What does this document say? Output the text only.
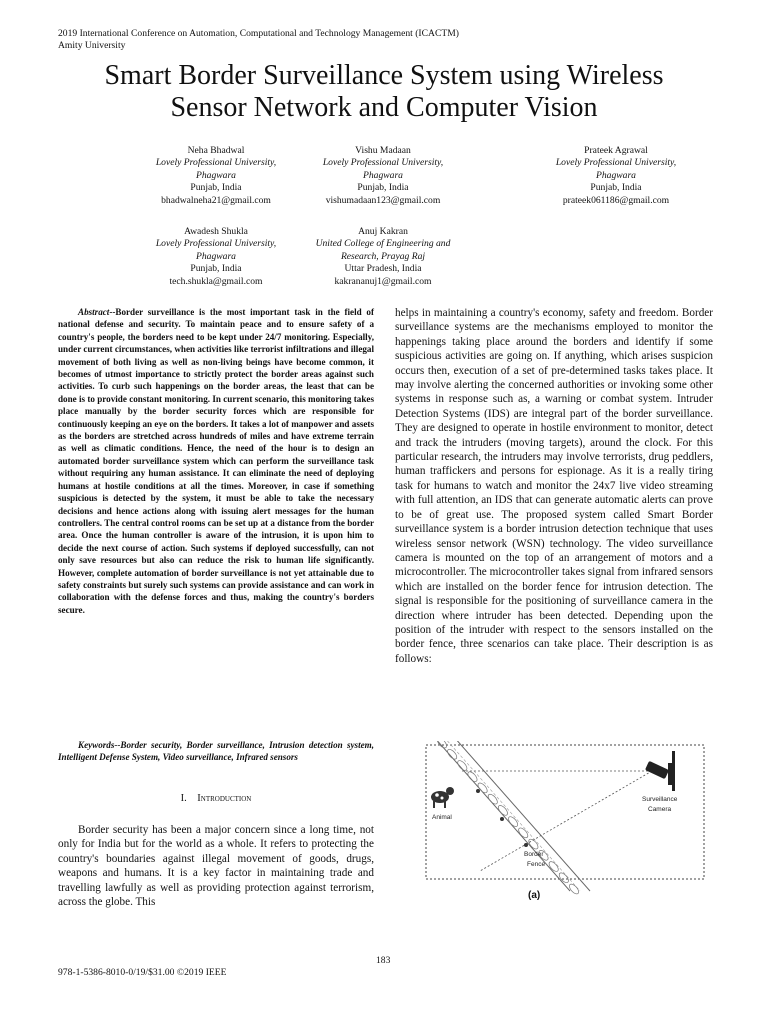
2019 International Conference on Automation, Computational and Technology Management (ICACTM)
Amity University
Smart Border Surveillance System using Wireless
Sensor Network and Computer Vision
Neha Bhadwal
Lovely Professional University,
Phagwara
Punjab, India
bhadwalneha21@gmail.com
Vishu Madaan
Lovely Professional University,
Phagwara
Punjab, India
vishumadaan123@gmail.com
Prateek Agrawal
Lovely Professional University,
Phagwara
Punjab, India
prateek061186@gmail.com
Awadesh Shukla
Lovely Professional University,
Phagwara
Punjab, India
tech.shukla@gmail.com
Anuj Kakran
United College of Engineering and
Research, Prayag Raj
Uttar Pradesh, India
kakrananuj1@gmail.com

Abstract--Border surveillance is the most important task in the field of national defense and security. To maintain peace and to ensure safety of a country's people, the borders need to be kept under 24/7 monitoring. Especially, under current circumstances, when activities like terrorist infiltrations and illegal movement of both living as well as non-living beings have become common, it becomes of utmost importance to strictly protect the border areas against such activities. To curb such happenings on the border areas, the least that can be done is to provide constant monitoring. In current scenario, this monitoring takes place manually by the border security forces which are responsible for continuously keeping an eye on the borders. It takes a lot of manpower and assets as the borders are stretched across hundreds of miles and have extreme terrain as well as climatic conditions. Hence, the need of the hour is to design an automated border surveillance system which can perform the surveillance task without requiring any human assistance. It can eliminate the need of deploying humans at hostile conditions at all the times. Moreover, in case if something suspicious is detected by the system, it must be able to take the necessary decisions and hence actions along with issuing alert messages for the human controllers. The central control rooms can be set up at a distance from the border area. Once the human controller is aware of the intrusion, it is upon him to decide the next course of action. Such systems if deployed successfully, can not only save resources but also can reduce the risk to human life significantly. However, complete automation of border surveillance is not yet attainable due to safety constraints but surely such systems can provide assistance and can work in collaboration with the defense forces and thus, making the country's borders secure.

Keywords--Border security, Border surveillance, Intrusion detection system, Intelligent Defense System, Video surveillance, Infrared sensors
I. Introduction
Border security has been a major concern since a long time, not only for India but for the world as a whole. It refers to protecting the country's boundaries against illegal movement of goods, drugs, weapons and humans. It is a key factor in maintaining trade and travelling lawfully as well as providing protection against terrorism, across the globe. This
helps in maintaining a country's economy, safety and freedom. Border surveillance systems are the mechanisms employed to monitor the happenings taking place around the borders and identify if some suspicious activities are going on. If anything, which arises suspicion occurs then, execution of a set of pre-determined tasks takes place. It may involve alerting the concerned authorities or invoking some other systems in response such as, a warning or combat system. Intruder Detection Systems (IDS) are integral part of the border surveillance. They are designed to operate in hostile environment to monitor, detect and track the intruders (moving targets), around the clock. For this particular research, the intruders may involve terrorists, drug peddlers, human traffickers and persons for espionage. As it is a really tiring task for humans to watch and monitor the 24x7 live video streaming with full attention, an IDS that can generate automatic alerts can prove to be of great use. The proposed system called Smart Border surveillance system is a border intrusion detection technique that uses wireless sensor network (WSN) technology. The video surveillance camera is mounted on the top of an arrangement of motors and a microcontroller. The microcontroller takes signal from infrared sensors which are installed on the border fence for intrusion detection. The signal is responsible for the positioning of surveillance camera in the direction where intruder has been detected. Depending upon the position of the intruder with respect to the sensors installed on the border fence, three scenarios can take place. Their description is as follows:
Animal
Surveillance
Camera
Border
Fence
(a)
183
978-1-5386-8010-0/19/$31.00 ©2019 IEEE
